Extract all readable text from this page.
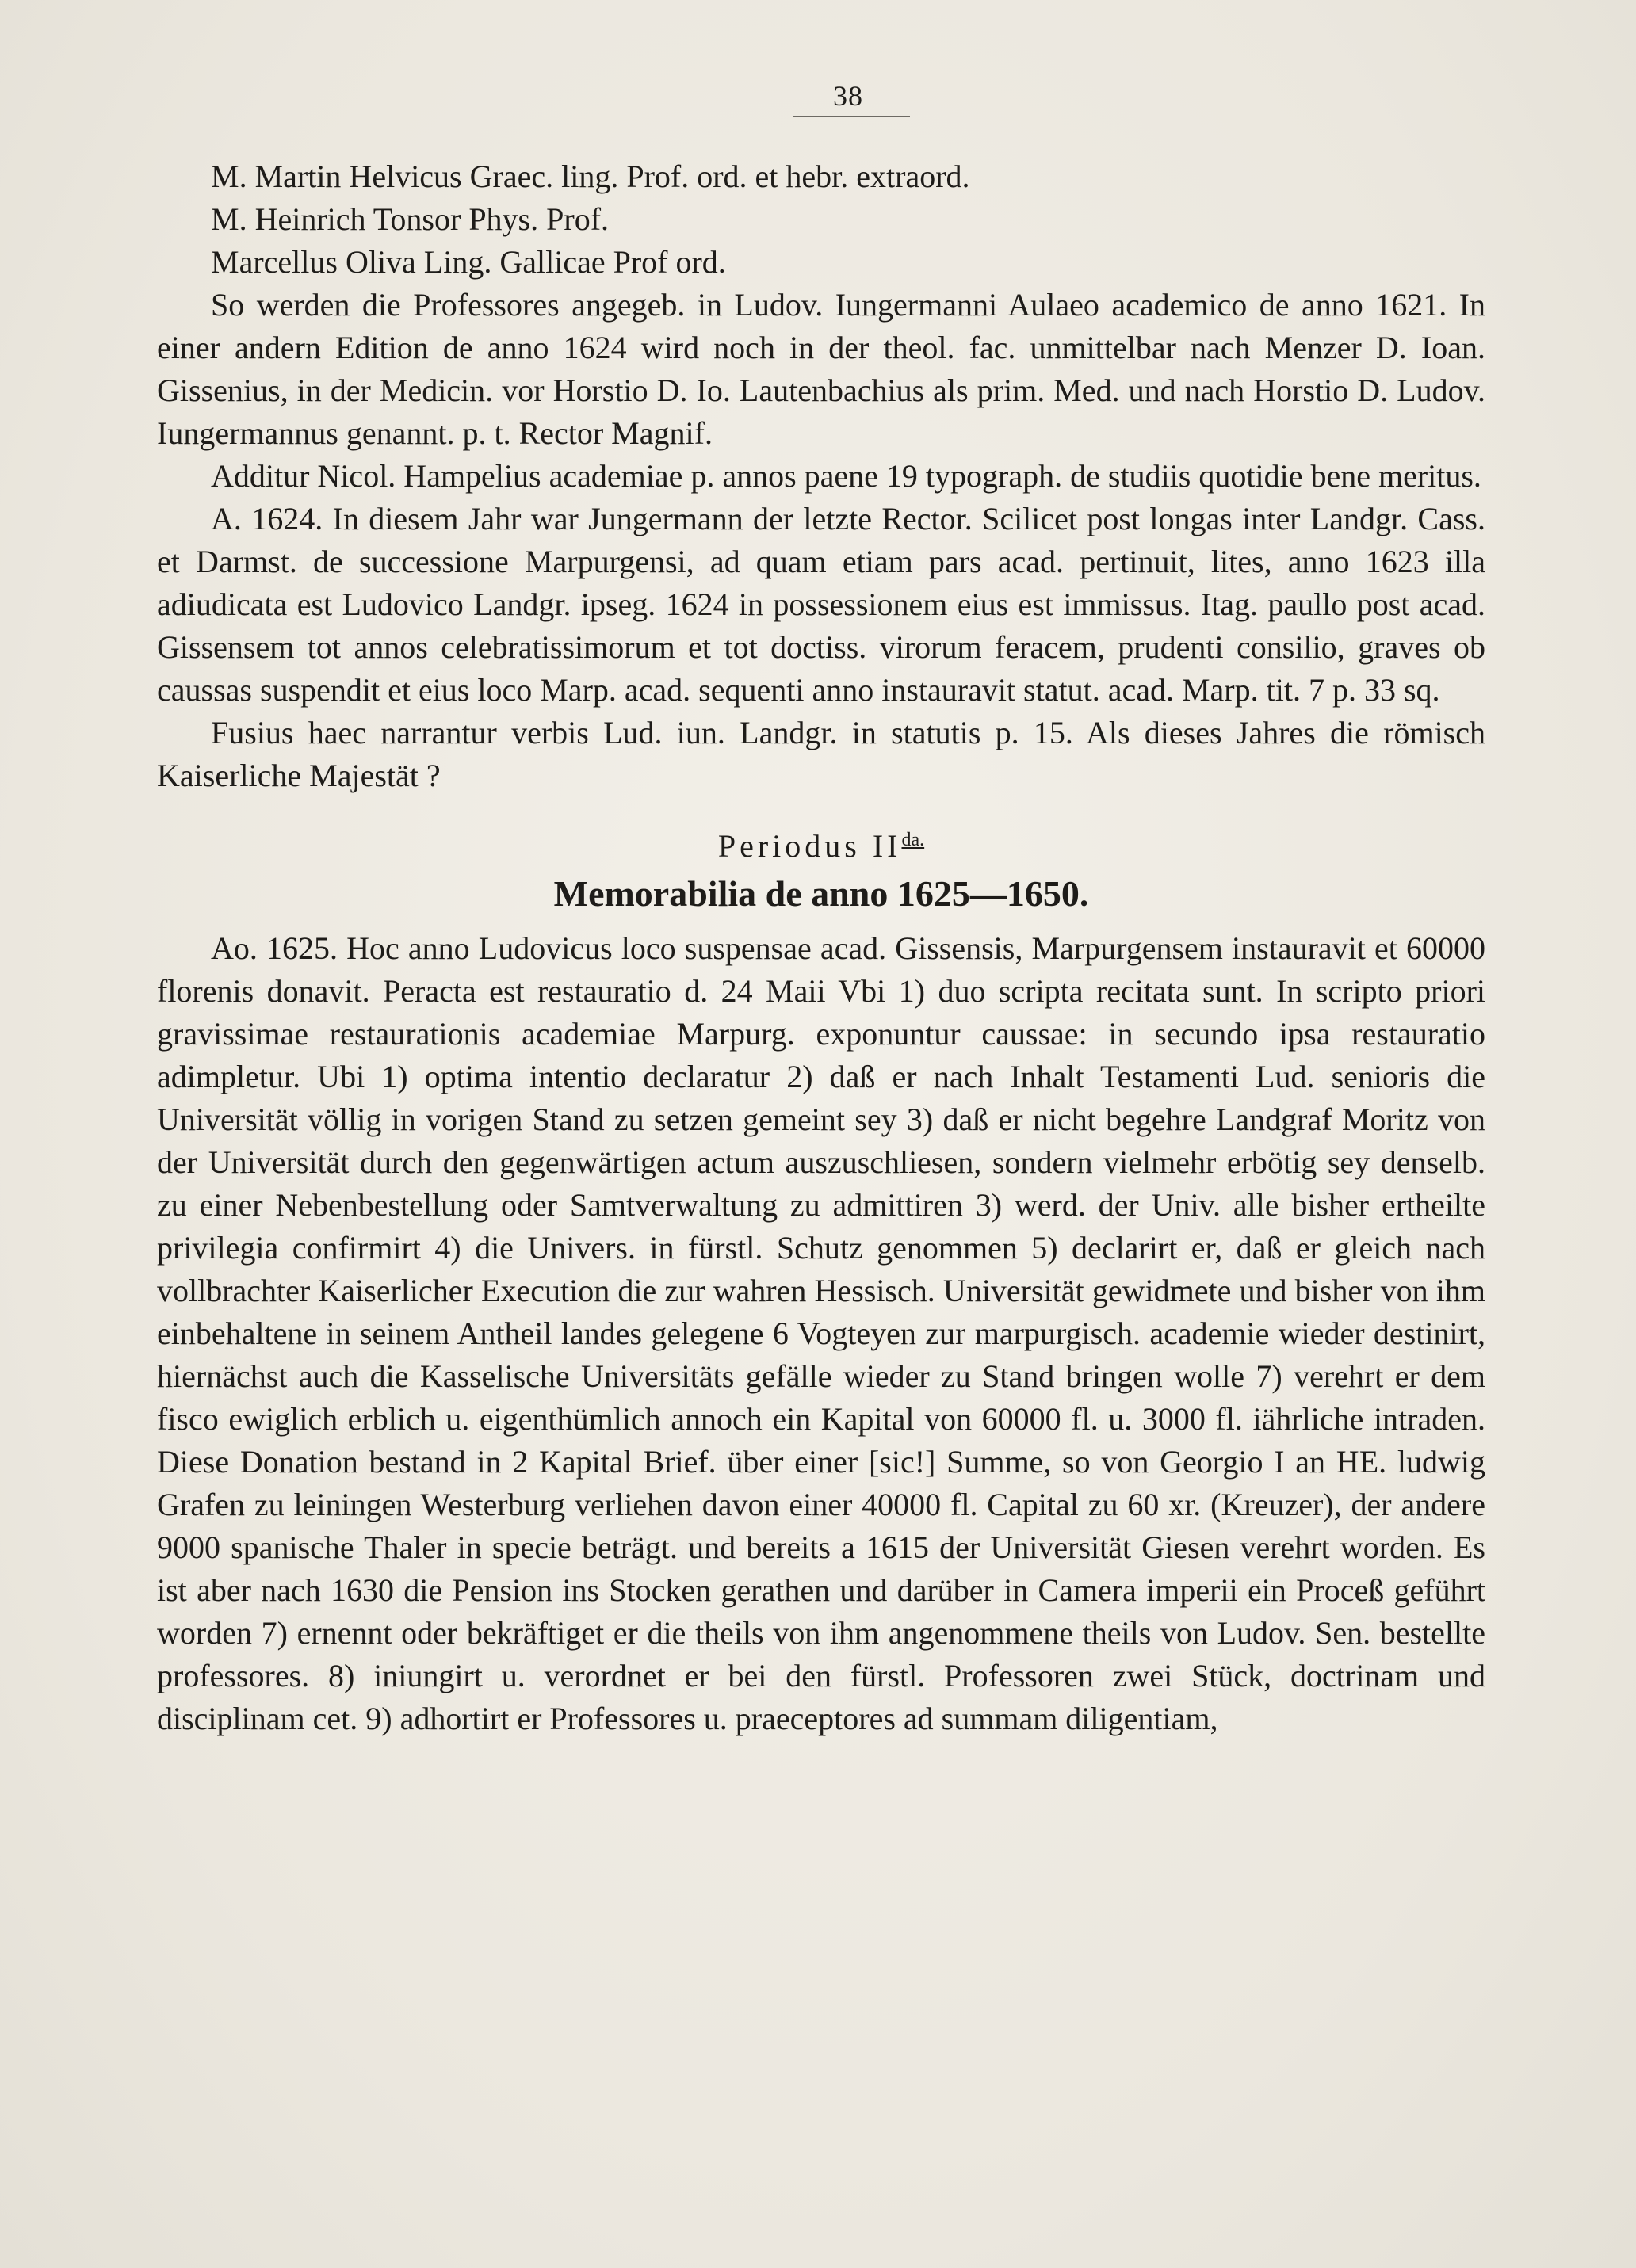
38

M. Martin Helvicus Graec. ling. Prof. ord. et hebr. extraord.

M. Heinrich Tonsor Phys. Prof.

Marcellus Oliva Ling. Gallicae Prof ord.

So werden die Professores angegeb. in Ludov. Iungermanni Aulaeo academico de anno 1621. In einer andern Edition de anno 1624 wird noch in der theol. fac. unmittelbar nach Menzer D. Ioan. Gissenius, in der Medicin. vor Horstio D. Io. Lautenbachius als prim. Med. und nach Horstio D. Ludov. Iungermannus genannt. p. t. Rector Magnif.

Additur Nicol. Hampelius academiae p. annos paene 19 typograph. de studiis quotidie bene meritus.

A. 1624. In diesem Jahr war Jungermann der letzte Rector. Scilicet post longas inter Landgr. Cass. et Darmst. de successione Marpurgensi, ad quam etiam pars acad. pertinuit, lites, anno 1623 illa adiudicata est Ludovico Landgr. ipseg. 1624 in possessionem eius est immissus. Itag. paullo post acad. Gissensem tot annos celebratissimorum et tot doctiss. virorum feracem, prudenti consilio, graves ob caussas suspendit et eius loco Marp. acad. sequenti anno instauravit statut. acad. Marp. tit. 7 p. 33 sq.

Fusius haec narrantur verbis Lud. iun. Landgr. in statutis p. 15. Als dieses Jahres die römisch Kaiserliche Majestät ?

Periodus $II^{da.}$
Memorabilia de anno 1625—1650.

Ao. 1625. Hoc anno Ludovicus loco suspensae acad. Gissensis, Marpurgensem instauravit et 60000 florenis donavit. Peracta est restauratio d. 24 Maii Vbi 1) duo scripta recitata sunt. In scripto priori gravissimae restaurationis academiae Marpurg. exponuntur caussae: in secundo ipsa restauratio adimpletur. Ubi 1) optima intentio declaratur 2) daß er nach Inhalt Testamenti Lud. senioris die Universität völlig in vorigen Stand zu setzen gemeint sey 3) daß er nicht begehre Landgraf Moritz von der Universität durch den gegenwärtigen actum auszuschliesen, sondern vielmehr erbötig sey denselb. zu einer Nebenbestellung oder Samtverwaltung zu admittiren 3) werd. der Univ. alle bisher ertheilte privilegia confirmirt 4) die Univers. in fürstl. Schutz genommen 5) declarirt er, daß er gleich nach vollbrachter Kaiserlicher Execution die zur wahren Hessisch. Universität gewidmete und bisher von ihm einbehaltene in seinem Antheil landes gelegene 6 Vogteyen zur marpurgisch. academie wieder destinirt, hiernächst auch die Kasselische Universitäts gefälle wieder zu Stand bringen wolle 7) verehrt er dem fisco ewiglich erblich u. eigenthümlich annoch ein Kapital von 60000 fl. u. 3000 fl. iährliche intraden. Diese Donation bestand in 2 Kapital Brief. über einer [sic!] Summe, so von Georgio I an HE. ludwig Grafen zu leiningen Westerburg verliehen davon einer 40000 fl. Capital zu 60 xr. (Kreuzer), der andere 9000 spanische Thaler in specie beträgt. und bereits a 1615 der Universität Giesen verehrt worden. Es ist aber nach 1630 die Pension ins Stocken gerathen und darüber in Camera imperii ein Proceß geführt worden 7) ernennt oder bekräftiget er die theils von ihm angenommene theils von Ludov. Sen. bestellte professores. 8) iniungirt u. verordnet er bei den fürstl. Professoren zwei Stück, doctrinam und disciplinam cet. 9) adhortirt er Professores u. praeceptores ad summam diligentiam,
